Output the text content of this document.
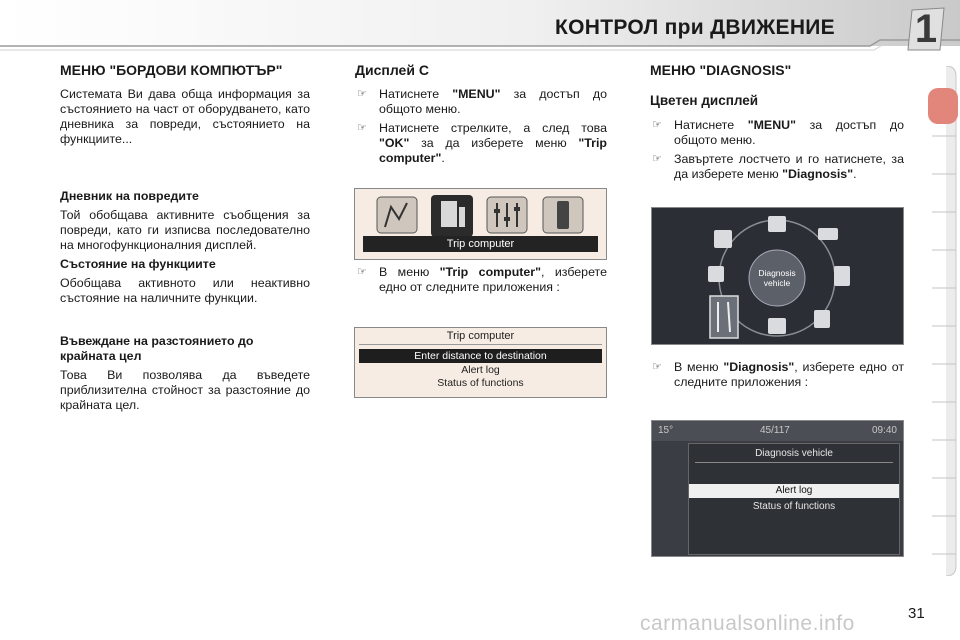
КОНТРОЛ при ДВИЖЕНИЕ 1
МЕНЮ "БОРДОВИ КОМПЮТЪР"

Системата Ви дава обща информация за състоянието на част от оборудването, като дневника за повреди, състоянието на функциите...

Дневник на повредите

Той обобщава активните съобщения за повреди, като ги изписва последователно на многофункционалния дисплей.

Състояние на функциите

Обобщава активното или неактивно състояние на наличните функции.

Въвеждане на разстоянието до крайната цел

Това Ви позволява да въведете приблизителна стойност за разстояние до крайната цел.

Дисплей С
☞ Натиснете "MENU" за достъп до общото меню.
☞ Натиснете стрелките, а след това "OK" за да изберете меню "Trip computer".
Trip computer
☞ В меню "Trip computer", изберете едно от следните приложения :
Trip computer
Enter distance to destination
Alert log
Status of functions
МЕНЮ "DIAGNOSIS"
Цветен дисплей
☞ Натиснете "MENU" за достъп до общото меню.
☞ Завъртете лостчето и го натиснете, за да изберете меню "Diagnosis".
Diagnosis
vehicle
☞ В меню "Diagnosis", изберете едно от следните приложения :
15°	45/117	09:40
Diagnosis vehicle
Alert log
Status of functions
31
carmanualsonline.info
